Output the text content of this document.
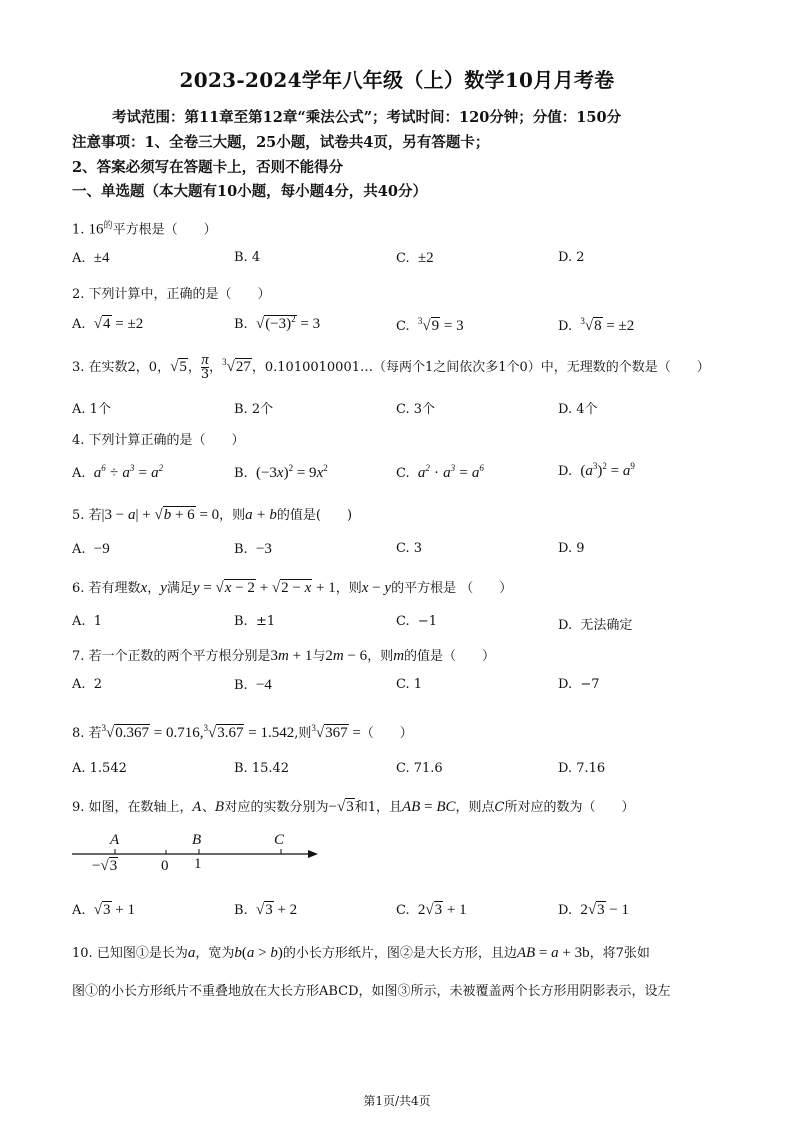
2023-2024学年八年级（上）数学10月月考卷
考试范围：第11章至第12章“乘法公式”；考试时间：120分钟；分值：150分
注意事项：1、全卷三大题，25小题，试卷共4页，另有答题卡；
2、答案必须写在答题卡上，否则不能得分
一、单选题（本大题有10小题，每小题4分，共40分）
1. $16^的$平方根是（　　）
A.  ±4	B. 4	C.  ±2	D. 2
2. 下列计算中，正确的是（　　）
A.  √4 = ±2	B.  $√(-3)^2 = 3$	C.  $^3$√9 = 3	D.  $^3$√8 = ±2
3. 在实数2，0，√5， $\frac{\pi}{3}$ ，$^3$√27，0.1010010001…（每两个1之间依次多1个0）中，无理数的个数是（　　）
A. 1个	B. 2个	C. 3个	D. 4个
4. 下列计算正确的是（　　）
A.  $a^6 \div a^3 = a^2$	B.  $(-3x)^2 = 9x^2$	C.  $a^2 \cdot a^3 = a^6$	D.  $(a^3)^2 = a^9$
5. 若|3 − a| + √b + 6 = 0，则a + b的值是(　　)
A.  −9	B.  −3	C. 3	D. 9
6. 若有理数x，y满足y = √x − 2 + √2 − x + 1，则x − y的平方根是 （　　）
A.  1	B.  ±1	C.  −1	D.  无法确定
7. 若一个正数的两个平方根分别是3m + 1与2m − 6，则m的值是（　　）
A.  2	B.  −4	C. 1	D.  −7
8. 若$^3$√0.367 = 0.716,$^3$√3.67 = 1.542,则$^3$√367 =（　　）
A. 1.542	B. 15.42	C. 71.6	D. 7.16
9. 如图，在数轴上，A、B对应的实数分别为−√3和1，且AB = BC，则点C所对应的数为（　　）
A	B	C
−√3	0 1
A.  √3 + 1	B.  √3 + 2	C.  2√3 + 1	D.  2√3 − 1
10. 已知图①是长为a，宽为b(a > b)的小长方形纸片，图②是大长方形，且边AB = a + 3b，将7张如
图①的小长方形纸片不重叠地放在大长方形ABCD，如图③所示，未被覆盖两个长方形用阴影表示，设左
第1页/共4页
